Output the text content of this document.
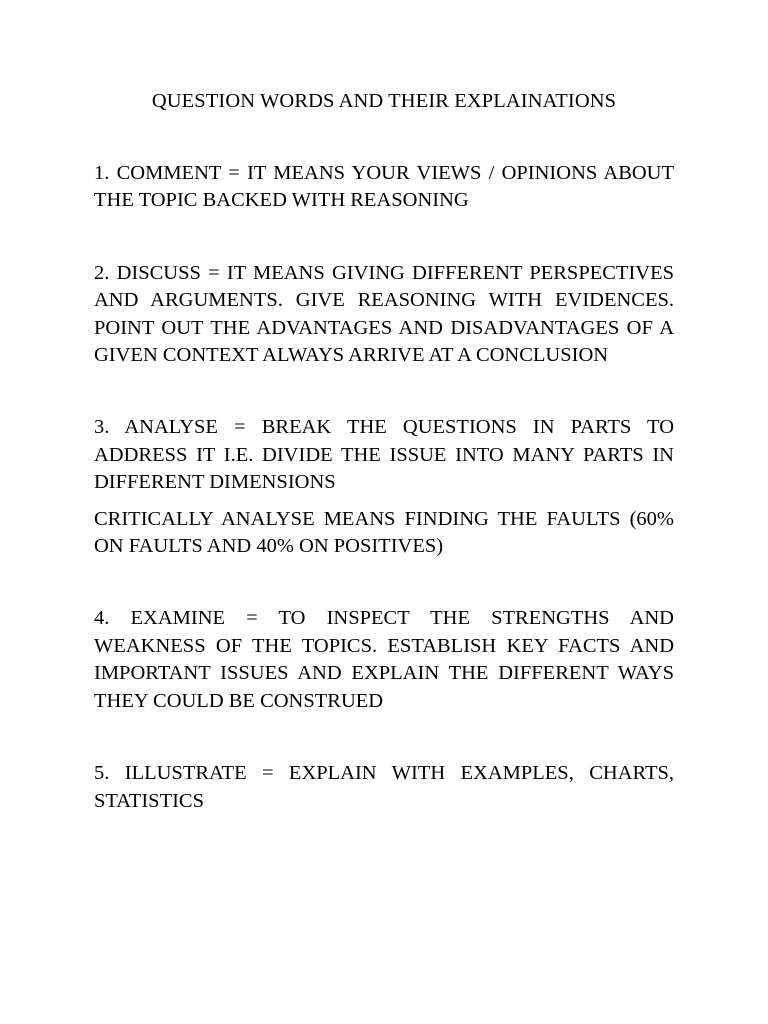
QUESTION WORDS AND THEIR EXPLAINATIONS

1. COMMENT = IT MEANS YOUR VIEWS / OPINIONS ABOUT THE TOPIC BACKED WITH REASONING

2. DISCUSS = IT MEANS GIVING DIFFERENT PERSPECTIVES AND ARGUMENTS. GIVE REASONING WITH EVIDENCES. POINT OUT THE ADVANTAGES AND DISADVANTAGES OF A GIVEN CONTEXT ALWAYS ARRIVE AT A CONCLUSION

3. ANALYSE = BREAK THE QUESTIONS IN PARTS TO ADDRESS IT I.E. DIVIDE THE ISSUE INTO MANY PARTS IN DIFFERENT DIMENSIONS

CRITICALLY ANALYSE MEANS FINDING THE FAULTS (60% ON FAULTS AND 40% ON POSITIVES)

4. EXAMINE = TO INSPECT THE STRENGTHS AND WEAKNESS OF THE TOPICS. ESTABLISH KEY FACTS AND IMPORTANT ISSUES AND EXPLAIN THE DIFFERENT WAYS THEY COULD BE CONSTRUED

5. ILLUSTRATE = EXPLAIN WITH EXAMPLES, CHARTS, STATISTICS
